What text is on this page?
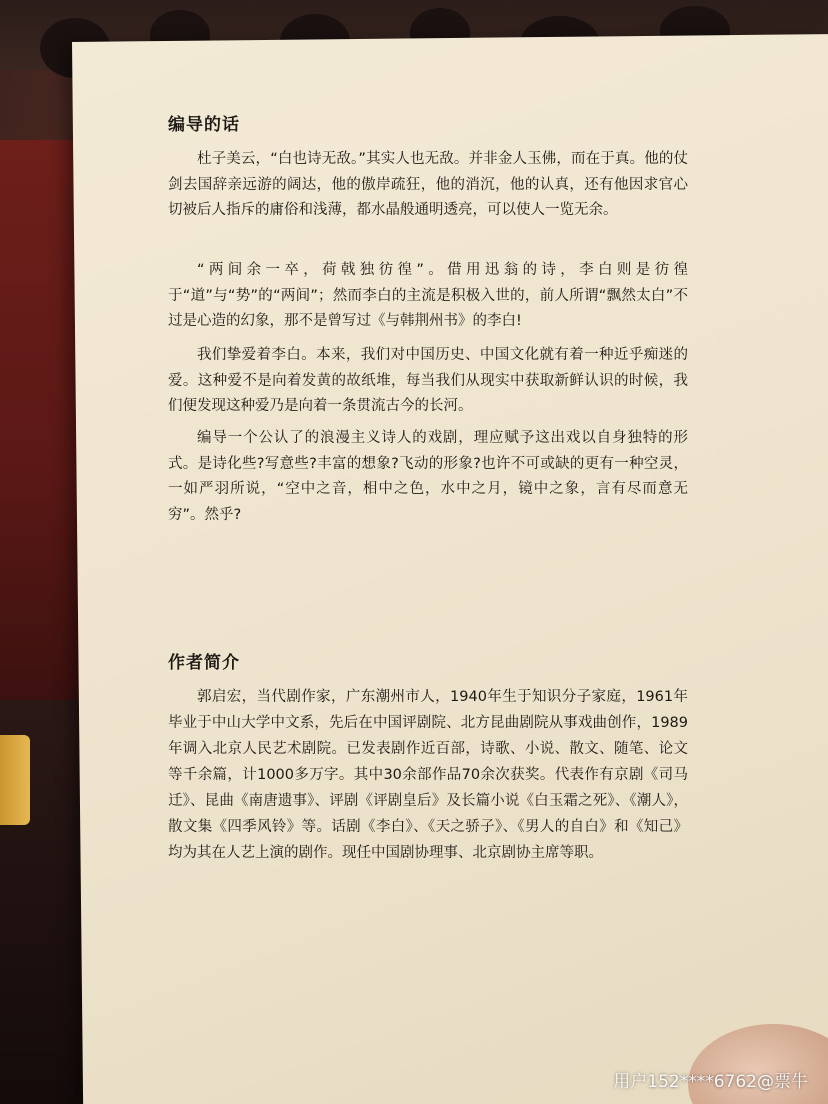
编导的话

杜子美云，“白也诗无敌。”其实人也无敌。并非金人玉佛，而在于真。他的仗剑去国辞亲远游的阔达，他的傲岸疏狂，他的消沉，他的认真，还有他因求官心切被后人指斥的庸俗和浅薄，都水晶般通明透亮，可以使人一览无余。

“两间余一卒，荷戟独彷徨”。借用迅翁的诗，李白则是彷徨于“道”与“势”的“两间”；然而李白的主流是积极入世的，前人所谓“飘然太白”不过是心造的幻象，那不是曾写过《与韩荆州书》的李白!

我们挚爱着李白。本来，我们对中国历史、中国文化就有着一种近乎痴迷的爱。这种爱不是向着发黄的故纸堆，每当我们从现实中获取新鲜认识的时候，我们便发现这种爱乃是向着一条贯流古今的长河。

编导一个公认了的浪漫主义诗人的戏剧，理应赋予这出戏以自身独特的形式。是诗化些?写意些?丰富的想象?飞动的形象?也许不可或缺的更有一种空灵，一如严羽所说，“空中之音，相中之色，水中之月，镜中之象，言有尽而意无穷”。然乎?

作者简介

郭启宏，当代剧作家，广东潮州市人，1940年生于知识分子家庭，1961年毕业于中山大学中文系，先后在中国评剧院、北方昆曲剧院从事戏曲创作，1989年调入北京人民艺术剧院。已发表剧作近百部，诗歌、小说、散文、随笔、论文等千余篇，计1000多万字。其中30余部作品70余次获奖。代表作有京剧《司马迁》、昆曲《南唐遗事》、评剧《评剧皇后》及长篇小说《白玉霜之死》、《潮人》，散文集《四季风铃》等。话剧《李白》、《天之骄子》、《男人的自白》和《知己》均为其在人艺上演的剧作。现任中国剧协理事、北京剧协主席等职。

用户152****6762@票牛
